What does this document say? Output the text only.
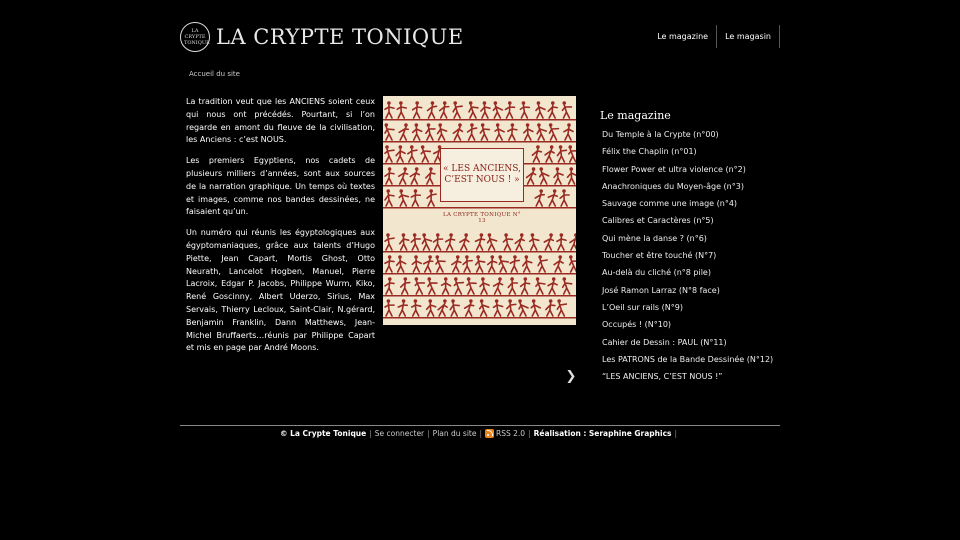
LA CRYPTE TONIQUE LA CRYPTE TONIQUE	Le magazine	Le magasin
Accueil du site

La tradition veut que les ANCIENS soient ceux qui nous ont précédés. Pourtant, si l’on regarde en amont du fleuve de la civilisation, les Anciens : c’est NOUS.

Les premiers Egyptiens, nos cadets de plusieurs milliers d’années, sont aux sources de la narration graphique. Un temps où textes et images, comme nos bandes dessinées, ne faisaient qu’un.

Un numéro qui réunis les égyptologiques aux égyptomaniaques, grâce aux talents d’Hugo Piette, Jean Capart, Mortis Ghost, Otto Neurath, Lancelot Hogben, Manuel, Pierre Lacroix, Edgar P. Jacobs, Philippe Wurm, Kiko, René Goscinny, Albert Uderzo, Sirius, Max Servais, Thierry Lecloux, Saint-Clair, N.gérard, Benjamin Franklin, Dann Matthews, Jean-Michel Bruffaerts…réunis par Philippe Capart et mis en page par André Moons.

« LES ANCIENS, C’EST NOUS ! »
LA CRYPTE TONIQUE N° 13
❯
Le magazine
Du Temple à la Crypte (n°00)
Félix the Chaplin (n°01)
Flower Power et ultra violence (n°2)
Anachroniques du Moyen-âge (n°3)
Sauvage comme une image (n°4)
Calibres et Caractères (n°5)
Qui mène la danse ? (n°6)
Toucher et être touché (N°7)
Au-delà du cliché (n°8 pile)
José Ramon Larraz (N°8 face)
L’Oeil sur rails (N°9)
Occupés ! (N°10)
Cahier de Dessin : PAUL (N°11)
Les PATRONS de la Bande Dessinée (N°12)
“LES ANCIENS, C’EST NOUS !”
© La Crypte Tonique | Se connecter | Plan du site | RSS 2.0 | Réalisation : Seraphine Graphics |
